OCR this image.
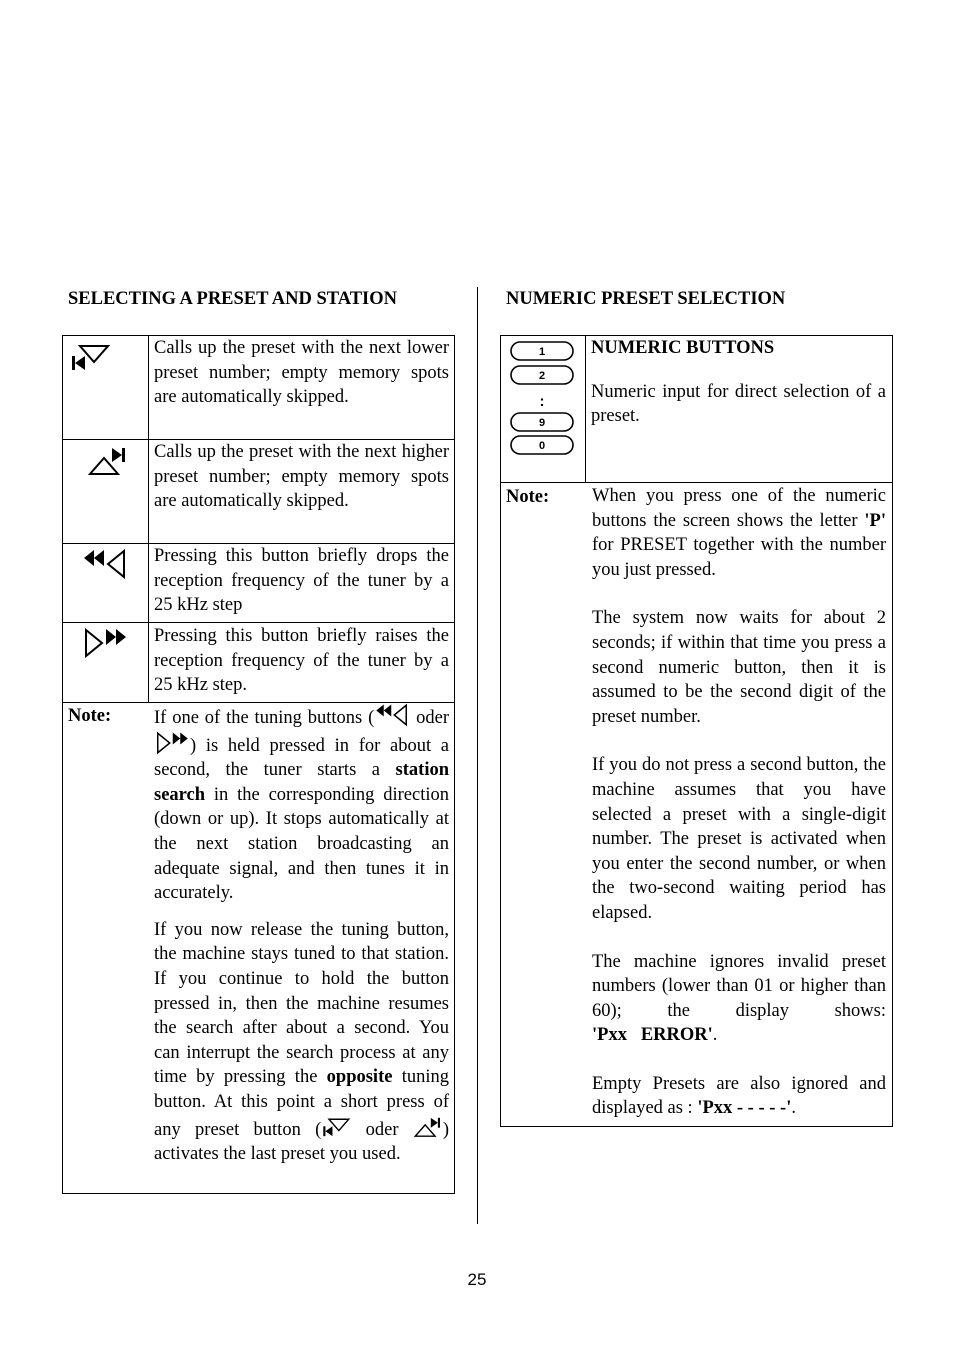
SELECTING A PRESET AND STATION	NUMERIC PRESET SELECTION
Calls up the preset with the next lower preset number; empty memory spots are automatically skipped.
Calls up the preset with the next higher preset number; empty memory spots are automatically skipped.
Pressing this button briefly drops the reception frequency of the tuner by a 25 kHz step
Pressing this button briefly raises the reception frequency of the tuner by a 25 kHz step.
Note: If one of the tuning buttons ( oder ) is held pressed in for about a second, the tuner starts a station search in the corresponding direction (down or up). It stops automatically at the next station broadcasting an adequate signal, and then tunes it in accurately.

If you now release the tuning button, the machine stays tuned to that station. If you continue to hold the button pressed in, then the machine resumes the search after about a second. You can interrupt the search process at any time by pressing the opposite tuning button. At this point a short press of any preset button ( oder ) activates the last preset you used.

1
2
:
9
0

NUMERIC BUTTONS

Numeric input for direct selection of a preset.

Note: When you press one of the numeric buttons the screen shows the letter 'P' for PRESET together with the number you just pressed.

The system now waits for about 2 seconds; if within that time you press a second numeric button, then it is assumed to be the second digit of the preset number.

If you do not press a second button, the machine assumes that you have selected a preset with a single-digit number. The preset is activated when you enter the second number, or when the two-second waiting period has elapsed.

The machine ignores invalid preset numbers (lower than 01 or higher than 60); the display shows: 'Pxx   ERROR'.

Empty Presets are also ignored and displayed as : 'Pxx - - - - -'.

25
